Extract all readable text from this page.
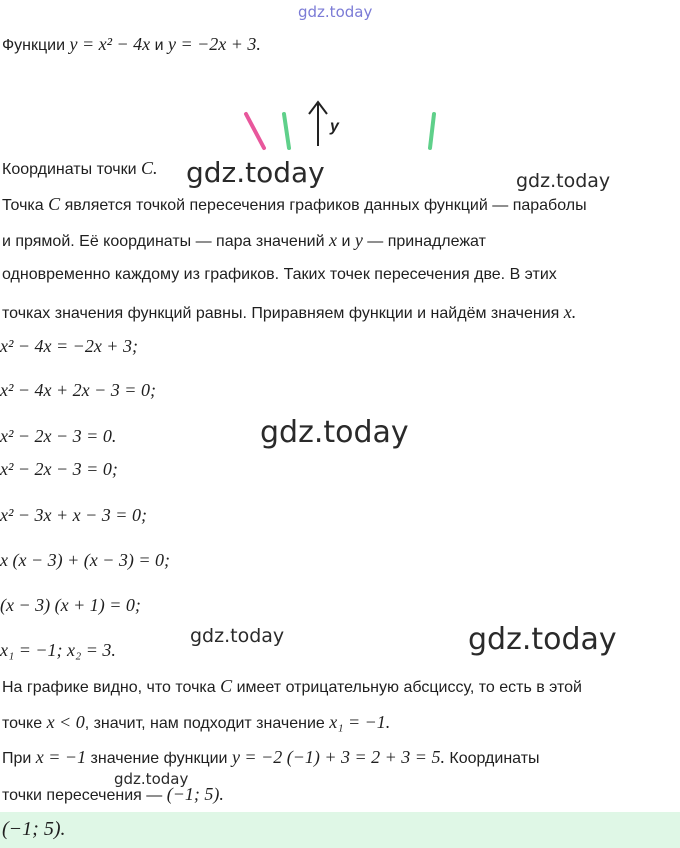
gdz.today
Функции y = x² − 4x и y = −2x + 3.
y
Координаты точки C. gdz.today	gdz.today
Точка C является точкой пересечения графиков данных функций — параболы
и прямой. Её координаты — пара значений x и y — принадлежат
одновременно каждому из графиков. Таких точек пересечения две. В этих
точках значения функций равны. Приравняем функции и найдём значения x.
x² − 4x = −2x + 3;
x² − 4x + 2x − 3 = 0;
x² − 2x − 3 = 0.
x² − 2x − 3 = 0;
x² − 3x + x − 3 = 0;
x (x − 3) + (x − 3) = 0;
(x − 3) (x + 1) = 0;
x₁ = −1; x₂ = 3.
gdz.today
gdz.today	gdz.today
На графике видно, что точка C имеет отрицательную абсциссу, то есть в этой
точке x < 0, значит, нам подходит значение x₁ = −1.
При x = −1 значение функции y = −2 (−1) + 3 = 2 + 3 = 5. Координаты
gdz.today
точки пересечения — (−1; 5).
(−1; 5).
